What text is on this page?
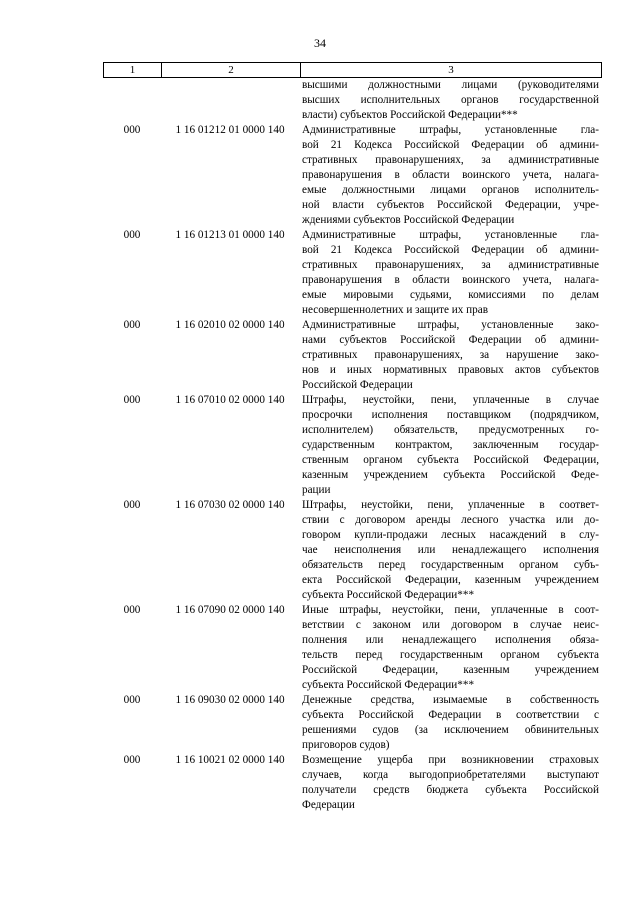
34
1	2	3
высшими должностными лицами (руководителями
высших исполнительных органов государственной
власти) субъектов Российской Федерации***
000	1 16 01212 01 0000 140	Административные штрафы, установленные гла-
вой 21 Кодекса Российской Федерации об админи-
стративных правонарушениях, за административные
правонарушения в области воинского учета, налага-
емые должностными лицами органов исполнитель-
ной власти субъектов Российской Федерации, учре-
ждениями субъектов Российской Федерации
000	1 16 01213 01 0000 140	Административные штрафы, установленные гла-
вой 21 Кодекса Российской Федерации об админи-
стративных правонарушениях, за административные
правонарушения в области воинского учета, налага-
емые мировыми судьями, комиссиями по делам
несовершеннолетних и защите их прав
000	1 16 02010 02 0000 140	Административные штрафы, установленные зако-
нами субъектов Российской Федерации об админи-
стративных правонарушениях, за нарушение зако-
нов и иных нормативных правовых актов субъектов
Российской Федерации
000	1 16 07010 02 0000 140	Штрафы, неустойки, пени, уплаченные в случае
просрочки исполнения поставщиком (подрядчиком,
исполнителем) обязательств, предусмотренных го-
сударственным контрактом, заключенным государ-
ственным органом субъекта Российской Федерации,
казенным учреждением субъекта Российской Феде-
рации
000	1 16 07030 02 0000 140	Штрафы, неустойки, пени, уплаченные в соответ-
ствии с договором аренды лесного участка или до-
говором купли-продажи лесных насаждений в слу-
чае неисполнения или ненадлежащего исполнения
обязательств перед государственным органом субъ-
екта Российской Федерации, казенным учреждением
субъекта Российской Федерации***
000	1 16 07090 02 0000 140	Иные штрафы, неустойки, пени, уплаченные в соот-
ветствии с законом или договором в случае неис-
полнения или ненадлежащего исполнения обяза-
тельств перед государственным органом субъекта
Российской Федерации, казенным учреждением
субъекта Российской Федерации***
000	1 16 09030 02 0000 140	Денежные средства, изымаемые в собственность
субъекта Российской Федерации в соответствии с
решениями судов (за исключением обвинительных
приговоров судов)
000	1 16 10021 02 0000 140	Возмещение ущерба при возникновении страховых
случаев, когда выгодоприобретателями выступают
получатели средств бюджета субъекта Российской
Федерации
